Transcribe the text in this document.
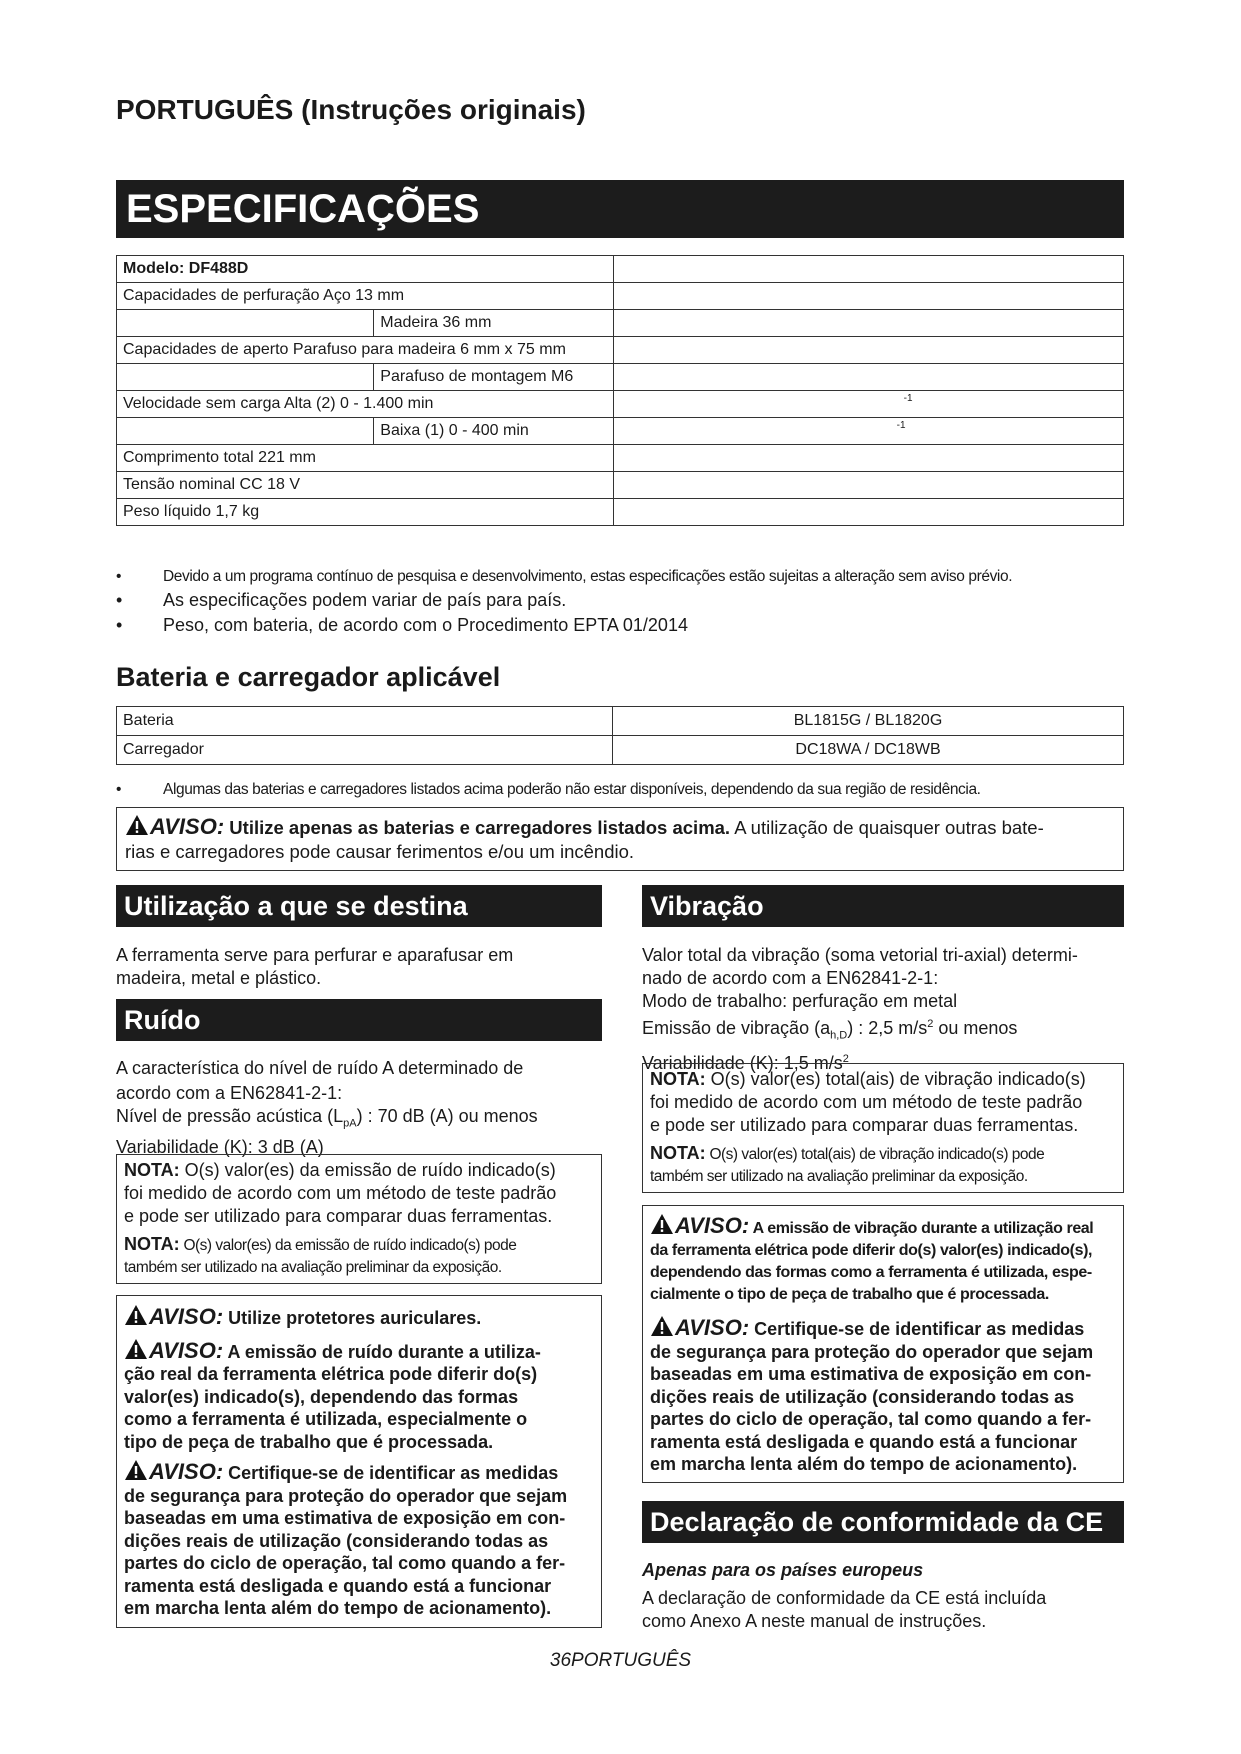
PORTUGUÊS (Instruções originais)
ESPECIFICAÇÕES
Modelo: DF488D		
Capacidades de perfuração Aço 13 mm		
	Madeira 36 mm	
Capacidades de aperto Parafuso para madeira 6 mm x 75 mm		
	Parafuso de montagem M6	
Velocidade sem carga Alta (2) 0 - 1.400 min		-1

	Baixa (1) 0 - 400 min	-1

Comprimento total 221 mm		
Tensão nominal CC 18 V		
Peso líquido 1,7 kg		
• Devido a um programa contínuo de pesquisa e desenvolvimento, estas especificações estão sujeitas a alteração sem aviso prévio.
• As especificações podem variar de país para país.
• Peso, com bateria, de acordo com o Procedimento EPTA 01/2014
Bateria e carregador aplicável
Bateria	BL1815G / BL1820G
Carregador	DC18WA / DC18WB
• Algumas das baterias e carregadores listados acima poderão não estar disponíveis, dependendo da sua região de residência.
AVISO: Utilize apenas as baterias e carregadores listados acima. A utilização de quaisquer outras bate-
rias e carregadores pode causar ferimentos e/ou um incêndio.
Utilização a que se destina
A ferramenta serve para perfurar e aparafusar em
madeira, metal e plástico.
Ruído
A característica do nível de ruído A determinado de
acordo com a EN62841-2-1:
Nível de pressão acústica $(L_{pA})$ : 70 dB (A) ou menos
Variabilidade (K): 3 dB (A)
NOTA: O(s) valor(es) da emissão de ruído indicado(s)
foi medido de acordo com um método de teste padrão
e pode ser utilizado para comparar duas ferramentas.
NOTA: O(s) valor(es) da emissão de ruído indicado(s) pode
também ser utilizado na avaliação preliminar da exposição.
AVISO: Utilize protetores auriculares.
AVISO: A emissão de ruído durante a utiliza-
ção real da ferramenta elétrica pode diferir do(s)
valor(es) indicado(s), dependendo das formas
como a ferramenta é utilizada, especialmente o
tipo de peça de trabalho que é processada.
AVISO: Certifique-se de identificar as medidas
de segurança para proteção do operador que sejam
baseadas em uma estimativa de exposição em con-
dições reais de utilização (considerando todas as
partes do ciclo de operação, tal como quando a fer-
ramenta está desligada e quando está a funcionar
em marcha lenta além do tempo de acionamento).
Vibração
Valor total da vibração (soma vetorial tri-axial) determi-
nado de acordo com a EN62841-2-1:
Modo de trabalho: perfuração em metal
Emissão de vibração $(a_{h,D})$ : 2,5 $m/s^2$ ou menos
Variabilidade (K): 1,5 $m/s^2$
NOTA: O(s) valor(es) total(ais) de vibração indicado(s)
foi medido de acordo com um método de teste padrão
e pode ser utilizado para comparar duas ferramentas.
NOTA: O(s) valor(es) total(ais) de vibração indicado(s) pode
também ser utilizado na avaliação preliminar da exposição.
AVISO: A emissão de vibração durante a utilização real
da ferramenta elétrica pode diferir do(s) valor(es) indicado(s),
dependendo das formas como a ferramenta é utilizada, espe-
cialmente o tipo de peça de trabalho que é processada.
AVISO: Certifique-se de identificar as medidas
de segurança para proteção do operador que sejam
baseadas em uma estimativa de exposição em con-
dições reais de utilização (considerando todas as
partes do ciclo de operação, tal como quando a fer-
ramenta está desligada e quando está a funcionar
em marcha lenta além do tempo de acionamento).
Declaração de conformidade da CE
Apenas para os países europeus
A declaração de conformidade da CE está incluída
como Anexo A neste manual de instruções.
36PORTUGUÊS
